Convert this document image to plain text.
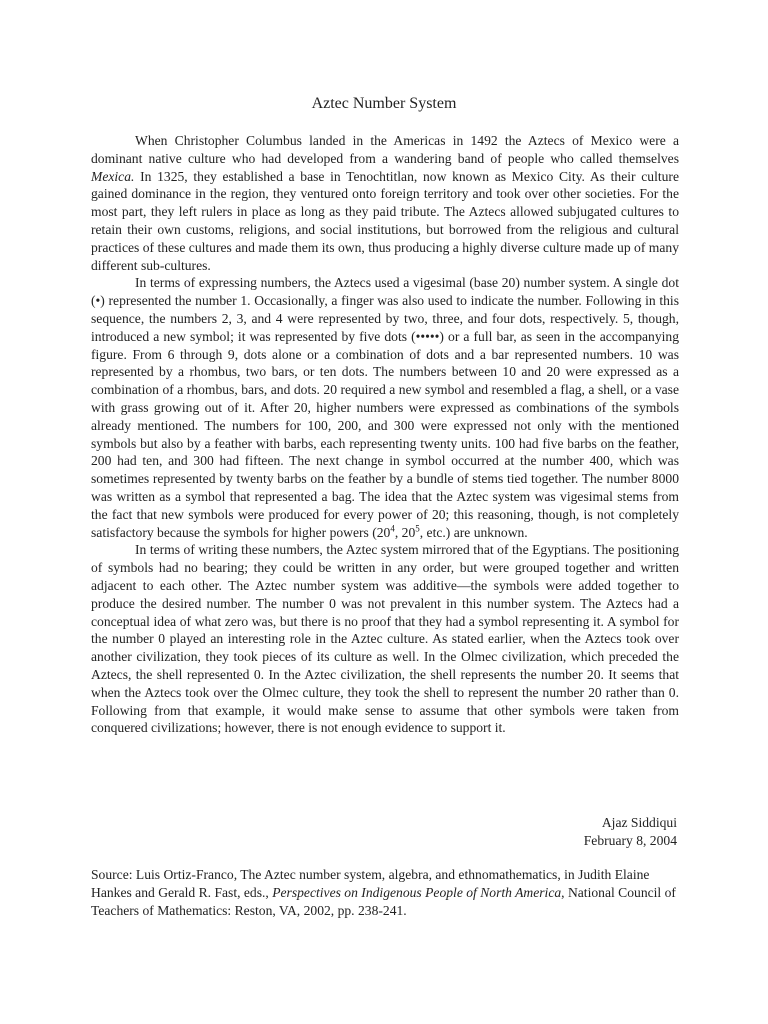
Aztec Number System

When Christopher Columbus landed in the Americas in 1492 the Aztecs of Mexico were a dominant native culture who had developed from a wandering band of people who called themselves Mexica. In 1325, they established a base in Tenochtitlan, now known as Mexico City. As their culture gained dominance in the region, they ventured onto foreign territory and took over other societies. For the most part, they left rulers in place as long as they paid tribute. The Aztecs allowed subjugated cultures to retain their own customs, religions, and social institutions, but borrowed from the religious and cultural practices of these cultures and made them its own, thus producing a highly diverse culture made up of many different sub-cultures.

In terms of expressing numbers, the Aztecs used a vigesimal (base 20) number system. A single dot (•) represented the number 1. Occasionally, a finger was also used to indicate the number. Following in this sequence, the numbers 2, 3, and 4 were represented by two, three, and four dots, respectively. 5, though, introduced a new symbol; it was represented by five dots (•••••) or a full bar, as seen in the accompanying figure. From 6 through 9, dots alone or a combination of dots and a bar represented numbers. 10 was represented by a rhombus, two bars, or ten dots. The numbers between 10 and 20 were expressed as a combination of a rhombus, bars, and dots. 20 required a new symbol and resembled a flag, a shell, or a vase with grass growing out of it. After 20, higher numbers were expressed as combinations of the symbols already mentioned. The numbers for 100, 200, and 300 were expressed not only with the mentioned symbols but also by a feather with barbs, each representing twenty units. 100 had five barbs on the feather, 200 had ten, and 300 had fifteen. The next change in symbol occurred at the number 400, which was sometimes represented by twenty barbs on the feather by a bundle of stems tied together. The number 8000 was written as a symbol that represented a bag. The idea that the Aztec system was vigesimal stems from the fact that new symbols were produced for every power of 20; this reasoning, though, is not completely satisfactory because the symbols for higher powers ($20^4$, $20^5$, etc.) are unknown.

In terms of writing these numbers, the Aztec system mirrored that of the Egyptians. The positioning of symbols had no bearing; they could be written in any order, but were grouped together and written adjacent to each other. The Aztec number system was additive—the symbols were added together to produce the desired number. The number 0 was not prevalent in this number system. The Aztecs had a conceptual idea of what zero was, but there is no proof that they had a symbol representing it. A symbol for the number 0 played an interesting role in the Aztec culture. As stated earlier, when the Aztecs took over another civilization, they took pieces of its culture as well. In the Olmec civilization, which preceded the Aztecs, the shell represented 0. In the Aztec civilization, the shell represents the number 20. It seems that when the Aztecs took over the Olmec culture, they took the shell to represent the number 20 rather than 0. Following from that example, it would make sense to assume that other symbols were taken from conquered civilizations; however, there is not enough evidence to support it.

Ajaz Siddiqui
February 8, 2004

Source: Luis Ortiz-Franco, The Aztec number system, algebra, and ethnomathematics, in Judith Elaine Hankes and Gerald R. Fast, eds., Perspectives on Indigenous People of North America, National Council of Teachers of Mathematics: Reston, VA, 2002, pp. 238-241.
